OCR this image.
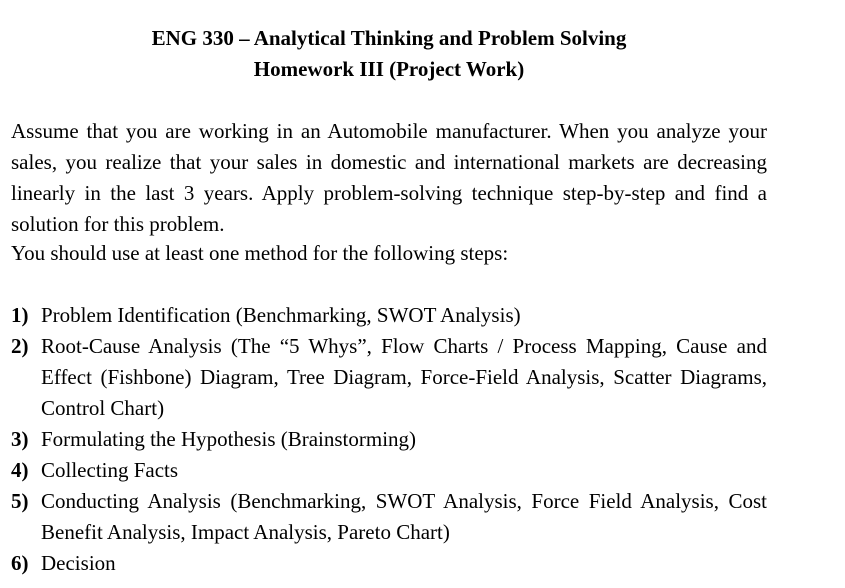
ENG 330 – Analytical Thinking and Problem Solving
Homework III (Project Work)
Assume that you are working in an Automobile manufacturer. When you analyze your sales, you realize that your sales in domestic and international markets are decreasing linearly in the last 3 years. Apply problem-solving technique step-by-step and find a solution for this problem.
You should use at least one method for the following steps:
1) Problem Identification (Benchmarking, SWOT Analysis)
2) Root-Cause Analysis (The “5 Whys”, Flow Charts / Process Mapping, Cause and Effect (Fishbone) Diagram, Tree Diagram, Force-Field Analysis, Scatter Diagrams, Control Chart)
3) Formulating the Hypothesis (Brainstorming)
4) Collecting Facts
5) Conducting Analysis (Benchmarking, SWOT Analysis, Force Field Analysis, Cost Benefit Analysis, Impact Analysis, Pareto Chart)
6) Decision
